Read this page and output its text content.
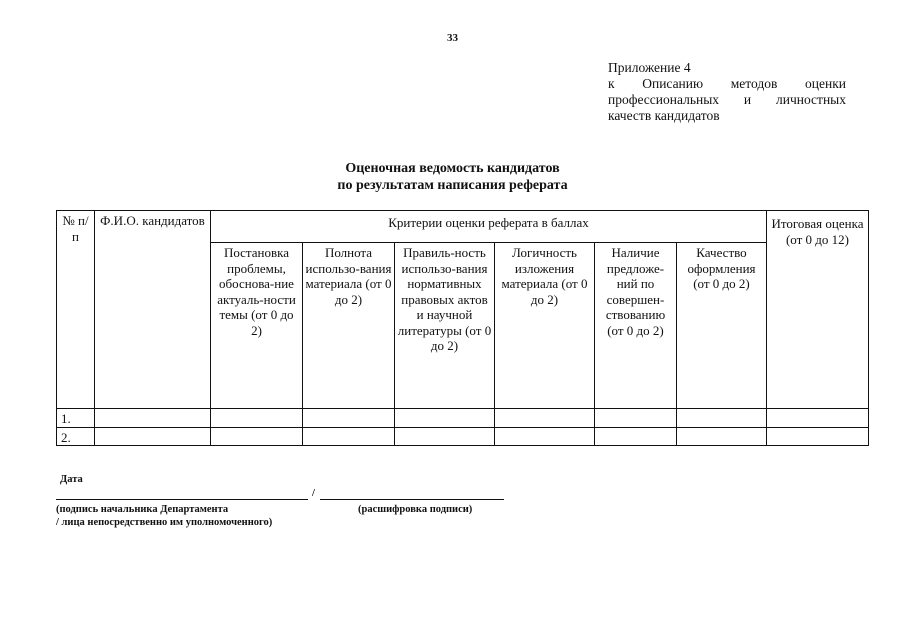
33
Приложение 4
к Описанию методов оценки
профессиональных и личностных
качеств кандидатов
Оценочная ведомость кандидатов
по результатам написания реферата
№ п/п	Ф.И.О. кандидатов	Критерии оценки реферата в баллах						Итоговая оценка (от 0 до 12)
		Постановка проблемы, обоснова-ние актуаль-ности темы (от 0 до 2)	Полнота использо-вания материала (от 0 до 2)	Правиль-ность использо-вания нормативных правовых актов и научной литературы (от 0 до 2)	Логичность изложения материала (от 0 до 2)	Наличие предложе-ний по совершен-ствованию (от 0 до 2)	Качество оформления (от 0 до 2)	
1.								
2.								
Дата
/
(подпись начальника Департамента	(расшифровка подписи)
/ лица непосредственно им уполномоченного)
